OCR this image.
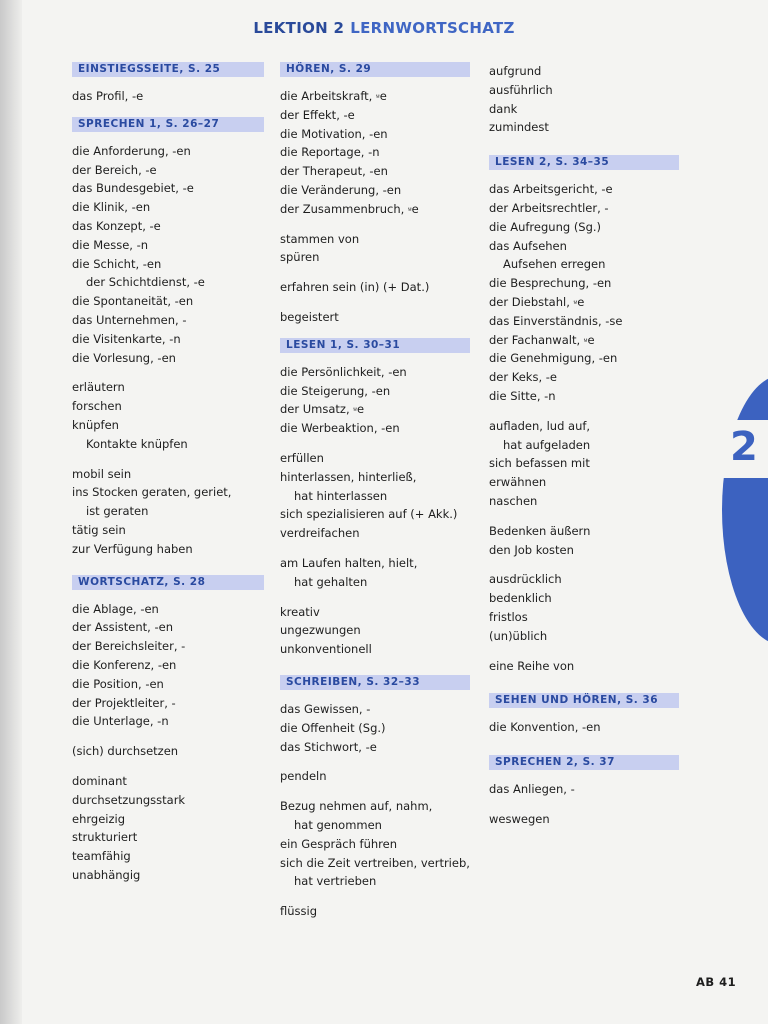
LEKTION 2 LERNWORTSCHATZ
EINSTIEGSSEITE, S. 25
das Profil, -e
SPRECHEN 1, S. 26–27
die Anforderung, -en
der Bereich, -e
das Bundesgebiet, -e
die Klinik, -en
das Konzept, -e
die Messe, -n
die Schicht, -en
der Schichtdienst, -e
die Spontaneität, -en
das Unternehmen, -
die Visitenkarte, -n
die Vorlesung, -en
erläutern
forschen
knüpfen
Kontakte knüpfen
mobil sein
ins Stocken geraten, geriet,
ist geraten
tätig sein
zur Verfügung haben
WORTSCHATZ, S. 28
die Ablage, -en
der Assistent, -en
der Bereichsleiter, -
die Konferenz, -en
die Position, -en
der Projektleiter, -
die Unterlage, -n
(sich) durchsetzen
dominant
durchsetzungsstark
ehrgeizig
strukturiert
teamfähig
unabhängig
HÖREN, S. 29
die Arbeitskraft, ⸚e
der Effekt, -e
die Motivation, -en
die Reportage, -n
der Therapeut, -en
die Veränderung, -en
der Zusammenbruch, ⸚e
stammen von
spüren
erfahren sein (in) (+ Dat.)
begeistert
LESEN 1, S. 30–31
die Persönlichkeit, -en
die Steigerung, -en
der Umsatz, ⸚e
die Werbeaktion, -en
erfüllen
hinterlassen, hinterließ,
hat hinterlassen
sich spezialisieren auf (+ Akk.)
verdreifachen
am Laufen halten, hielt,
hat gehalten
kreativ
ungezwungen
unkonventionell
SCHREIBEN, S. 32–33
das Gewissen, -
die Offenheit (Sg.)
das Stichwort, -e
pendeln
Bezug nehmen auf, nahm,
hat genommen
ein Gespräch führen
sich die Zeit vertreiben, vertrieb,
hat vertrieben
flüssig
aufgrund
ausführlich
dank
zumindest
LESEN 2, S. 34–35
das Arbeitsgericht, -e
der Arbeitsrechtler, -
die Aufregung (Sg.)
das Aufsehen
Aufsehen erregen
die Besprechung, -en
der Diebstahl, ⸚e
das Einverständnis, -se
der Fachanwalt, ⸚e
die Genehmigung, -en
der Keks, -e
die Sitte, -n
aufladen, lud auf,
hat aufgeladen
sich befassen mit
erwähnen
naschen
Bedenken äußern
den Job kosten
ausdrücklich
bedenklich
fristlos
(un)üblich
eine Reihe von
SEHEN UND HÖREN, S. 36
die Konvention, -en
SPRECHEN 2, S. 37
das Anliegen, -
weswegen
2
AB 41
